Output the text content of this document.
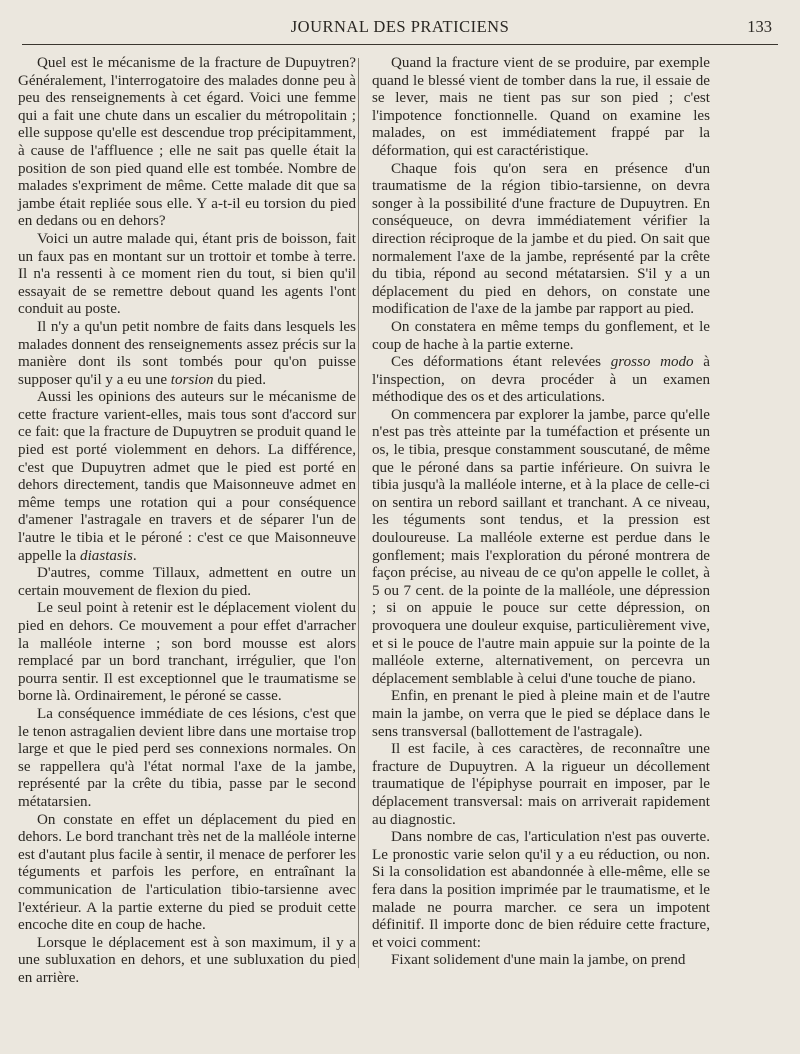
JOURNAL DES PRATICIENS	133

Quel est le mécanisme de la fracture de Dupuytren? Généralement, l'interrogatoire des malades donne peu à peu des renseignements à cet égard. Voici une femme qui a fait une chute dans un escalier du métropolitain ; elle suppose qu'elle est descendue trop précipitamment, à cause de l'affluence ; elle ne sait pas quelle était la position de son pied quand elle est tombée. Nombre de malades s'expriment de même. Cette malade dit que sa jambe était repliée sous elle. Y a-t-il eu torsion du pied en dedans ou en dehors?

Voici un autre malade qui, étant pris de boisson, fait un faux pas en montant sur un trottoir et tombe à terre. Il n'a ressenti à ce moment rien du tout, si bien qu'il essayait de se remettre debout quand les agents l'ont conduit au poste.

Il n'y a qu'un petit nombre de faits dans lesquels les malades donnent des renseignements assez précis sur la manière dont ils sont tombés pour qu'on puisse supposer qu'il y a eu une torsion du pied.

Aussi les opinions des auteurs sur le mécanisme de cette fracture varient-elles, mais tous sont d'accord sur ce fait: que la fracture de Dupuytren se produit quand le pied est porté violemment en dehors. La différence, c'est que Dupuytren admet que le pied est porté en dehors directement, tandis que Maisonneuve admet en même temps une rotation qui a pour conséquence d'amener l'astragale en travers et de séparer l'un de l'autre le tibia et le péroné : c'est ce que Maisonneuve appelle la diastasis.

D'autres, comme Tillaux, admettent en outre un certain mouvement de flexion du pied.

Le seul point à retenir est le déplacement violent du pied en dehors. Ce mouvement a pour effet d'arracher la malléole interne ; son bord mousse est alors remplacé par un bord tranchant, irrégulier, que l'on pourra sentir. Il est exceptionnel que le traumatisme se borne là. Ordinairement, le péroné se casse.

La conséquence immédiate de ces lésions, c'est que le tenon astragalien devient libre dans une mortaise trop large et que le pied perd ses connexions normales. On se rappellera qu'à l'état normal l'axe de la jambe, représenté par la crête du tibia, passe par le second métatarsien.

On constate en effet un déplacement du pied en dehors. Le bord tranchant très net de la malléole interne est d'autant plus facile à sentir, il menace de perforer les téguments et parfois les perfore, en entraînant la communication de l'articulation tibio-tarsienne avec l'extérieur. A la partie externe du pied se produit cette encoche dite en coup de hache.

Lorsque le déplacement est à son maximum, il y a une subluxation en dehors, et une subluxation du pied en arrière.

Quand la fracture vient de se produire, par exemple quand le blessé vient de tomber dans la rue, il essaie de se lever, mais ne tient pas sur son pied ; c'est l'impotence fonctionnelle. Quand on examine les malades, on est immédiatement frappé par la déformation, qui est caractéristique.

Chaque fois qu'on sera en présence d'un traumatisme de la région tibio-tarsienne, on devra songer à la possibilité d'une fracture de Dupuytren. En conséqueuce, on devra immédiatement vérifier la direction réciproque de la jambe et du pied. On sait que normalement l'axe de la jambe, représenté par la crête du tibia, répond au second métatarsien. S'il y a un déplacement du pied en dehors, on constate une modification de l'axe de la jambe par rapport au pied.

On constatera en même temps du gonflement, et le coup de hache à la partie externe.

Ces déformations étant relevées grosso modo à l'inspection, on devra procéder à un examen méthodique des os et des articulations.

On commencera par explorer la jambe, parce qu'elle n'est pas très atteinte par la tuméfaction et présente un os, le tibia, presque constamment souscutané, de même que le péroné dans sa partie inférieure. On suivra le tibia jusqu'à la malléole interne, et à la place de celle-ci on sentira un rebord saillant et tranchant. A ce niveau, les téguments sont tendus, et la pression est douloureuse. La malléole externe est perdue dans le gonflement; mais l'exploration du péroné montrera de façon précise, au niveau de ce qu'on appelle le collet, à 5 ou 7 cent. de la pointe de la malléole, une dépression ; si on appuie le pouce sur cette dépression, on provoquera une douleur exquise, particulièrement vive, et si le pouce de l'autre main appuie sur la pointe de la malléole externe, alternativement, on percevra un déplacement semblable à celui d'une touche de piano.

Enfin, en prenant le pied à pleine main et de l'autre main la jambe, on verra que le pied se déplace dans le sens transversal (ballottement de l'astragale).

Il est facile, à ces caractères, de reconnaître une fracture de Dupuytren. A la rigueur un décollement traumatique de l'épiphyse pourrait en imposer, par le déplacement transversal: mais on arriverait rapidement au diagnostic.

Dans nombre de cas, l'articulation n'est pas ouverte. Le pronostic varie selon qu'il y a eu réduction, ou non. Si la consolidation est abandonnée à elle-même, elle se fera dans la position imprimée par le traumatisme, et le malade ne pourra marcher. ce sera un impotent définitif. Il importe donc de bien réduire cette fracture, et voici comment:

Fixant solidement d'une main la jambe, on prend
